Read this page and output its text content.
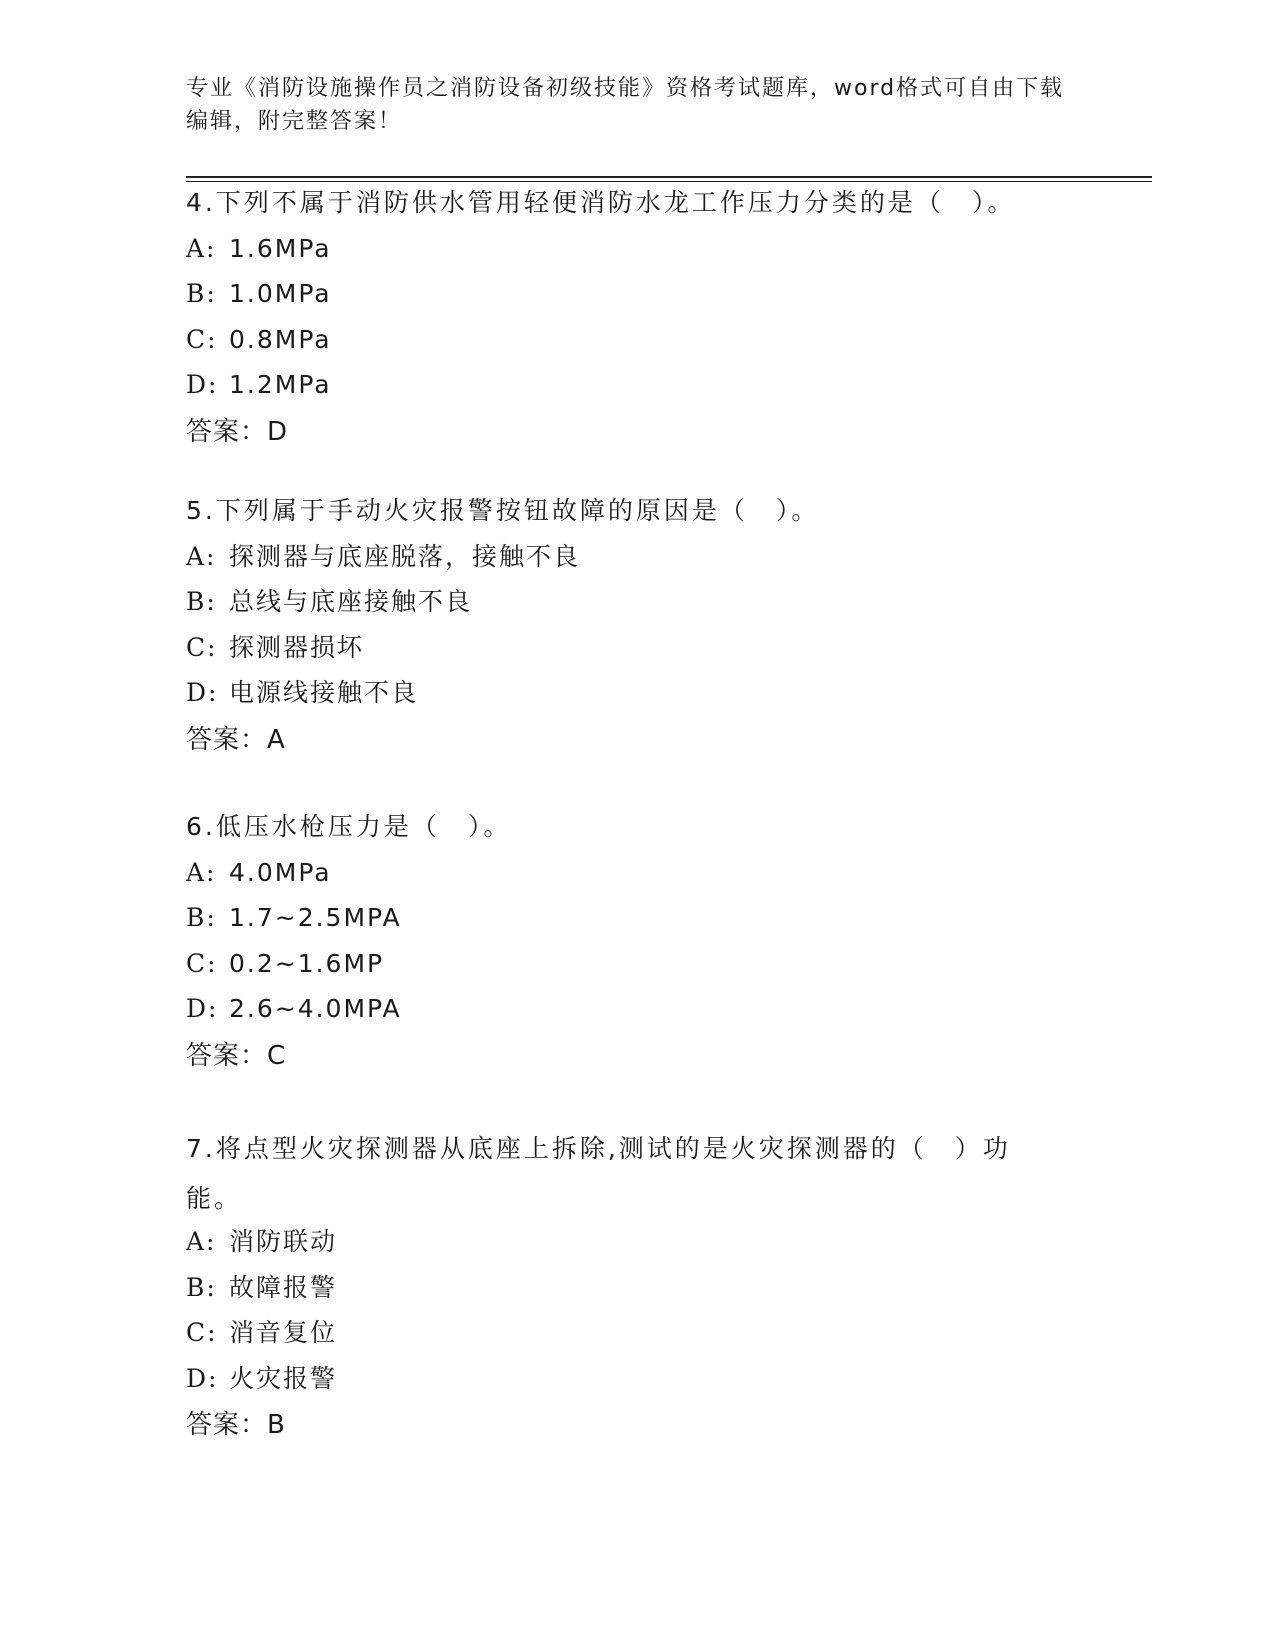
专业《消防设施操作员之消防设备初级技能》资格考试题库，word格式可自由下载编辑，附完整答案！
4.下列不属于消防供水管用轻便消防水龙工作压力分类的是（　）。
A: 1.6MPa
B: 1.0MPa
C: 0.8MPa
D: 1.2MPa
答案：D
5.下列属于手动火灾报警按钮故障的原因是（　）。
A: 探测器与底座脱落，接触不良
B: 总线与底座接触不良
C: 探测器损坏
D: 电源线接触不良
答案：A
6.低压水枪压力是（　）。
A: 4.0MPa
B: 1.7~2.5MPA
C: 0.2~1.6MP
D: 2.6~4.0MPA
答案：C
7.将点型火灾探测器从底座上拆除,测试的是火灾探测器的（　）功能。
A: 消防联动
B: 故障报警
C: 消音复位
D: 火灾报警
答案：B
